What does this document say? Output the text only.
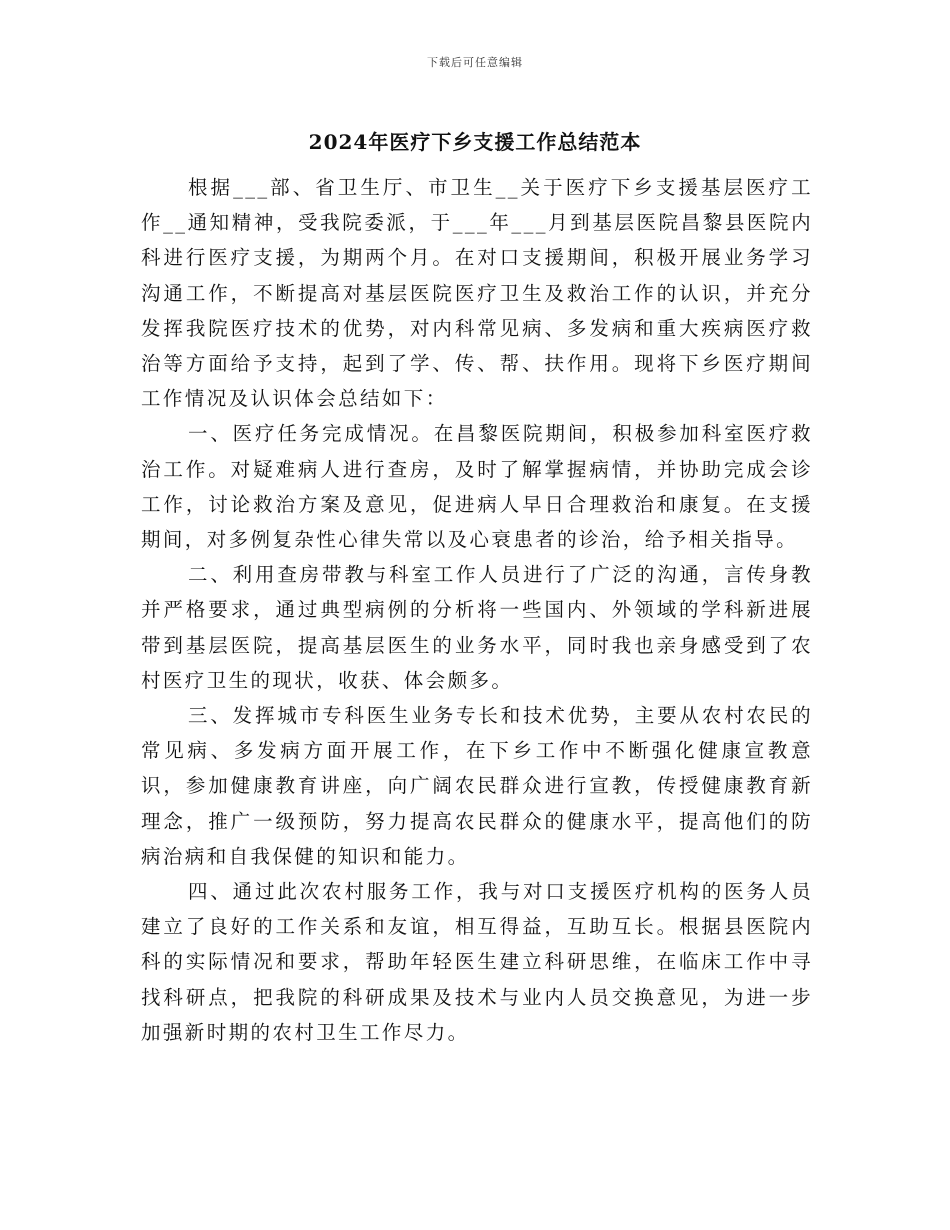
下载后可任意编辑
2024年医疗下乡支援工作总结范本

根据___部、省卫生厅、市卫生__关于医疗下乡支援基层医疗工作__通知精神，受我院委派，于___年___月到基层医院昌黎县医院内科进行医疗支援，为期两个月。在对口支援期间，积极开展业务学习沟通工作，不断提高对基层医院医疗卫生及救治工作的认识，并充分发挥我院医疗技术的优势，对内科常见病、多发病和重大疾病医疗救治等方面给予支持，起到了学、传、帮、扶作用。现将下乡医疗期间工作情况及认识体会总结如下：

一、医疗任务完成情况。在昌黎医院期间，积极参加科室医疗救治工作。对疑难病人进行查房，及时了解掌握病情，并协助完成会诊工作，讨论救治方案及意见，促进病人早日合理救治和康复。在支援期间，对多例复杂性心律失常以及心衰患者的诊治，给予相关指导。

二、利用查房带教与科室工作人员进行了广泛的沟通，言传身教并严格要求，通过典型病例的分析将一些国内、外领域的学科新进展带到基层医院，提高基层医生的业务水平，同时我也亲身感受到了农村医疗卫生的现状，收获、体会颇多。

三、发挥城市专科医生业务专长和技术优势，主要从农村农民的常见病、多发病方面开展工作，在下乡工作中不断强化健康宣教意识，参加健康教育讲座，向广阔农民群众进行宣教，传授健康教育新理念，推广一级预防，努力提高农民群众的健康水平，提高他们的防病治病和自我保健的知识和能力。

四、通过此次农村服务工作，我与对口支援医疗机构的医务人员建立了良好的工作关系和友谊，相互得益，互助互长。根据县医院内科的实际情况和要求，帮助年轻医生建立科研思维，在临床工作中寻找科研点，把我院的科研成果及技术与业内人员交换意见，为进一步加强新时期的农村卫生工作尽力。
